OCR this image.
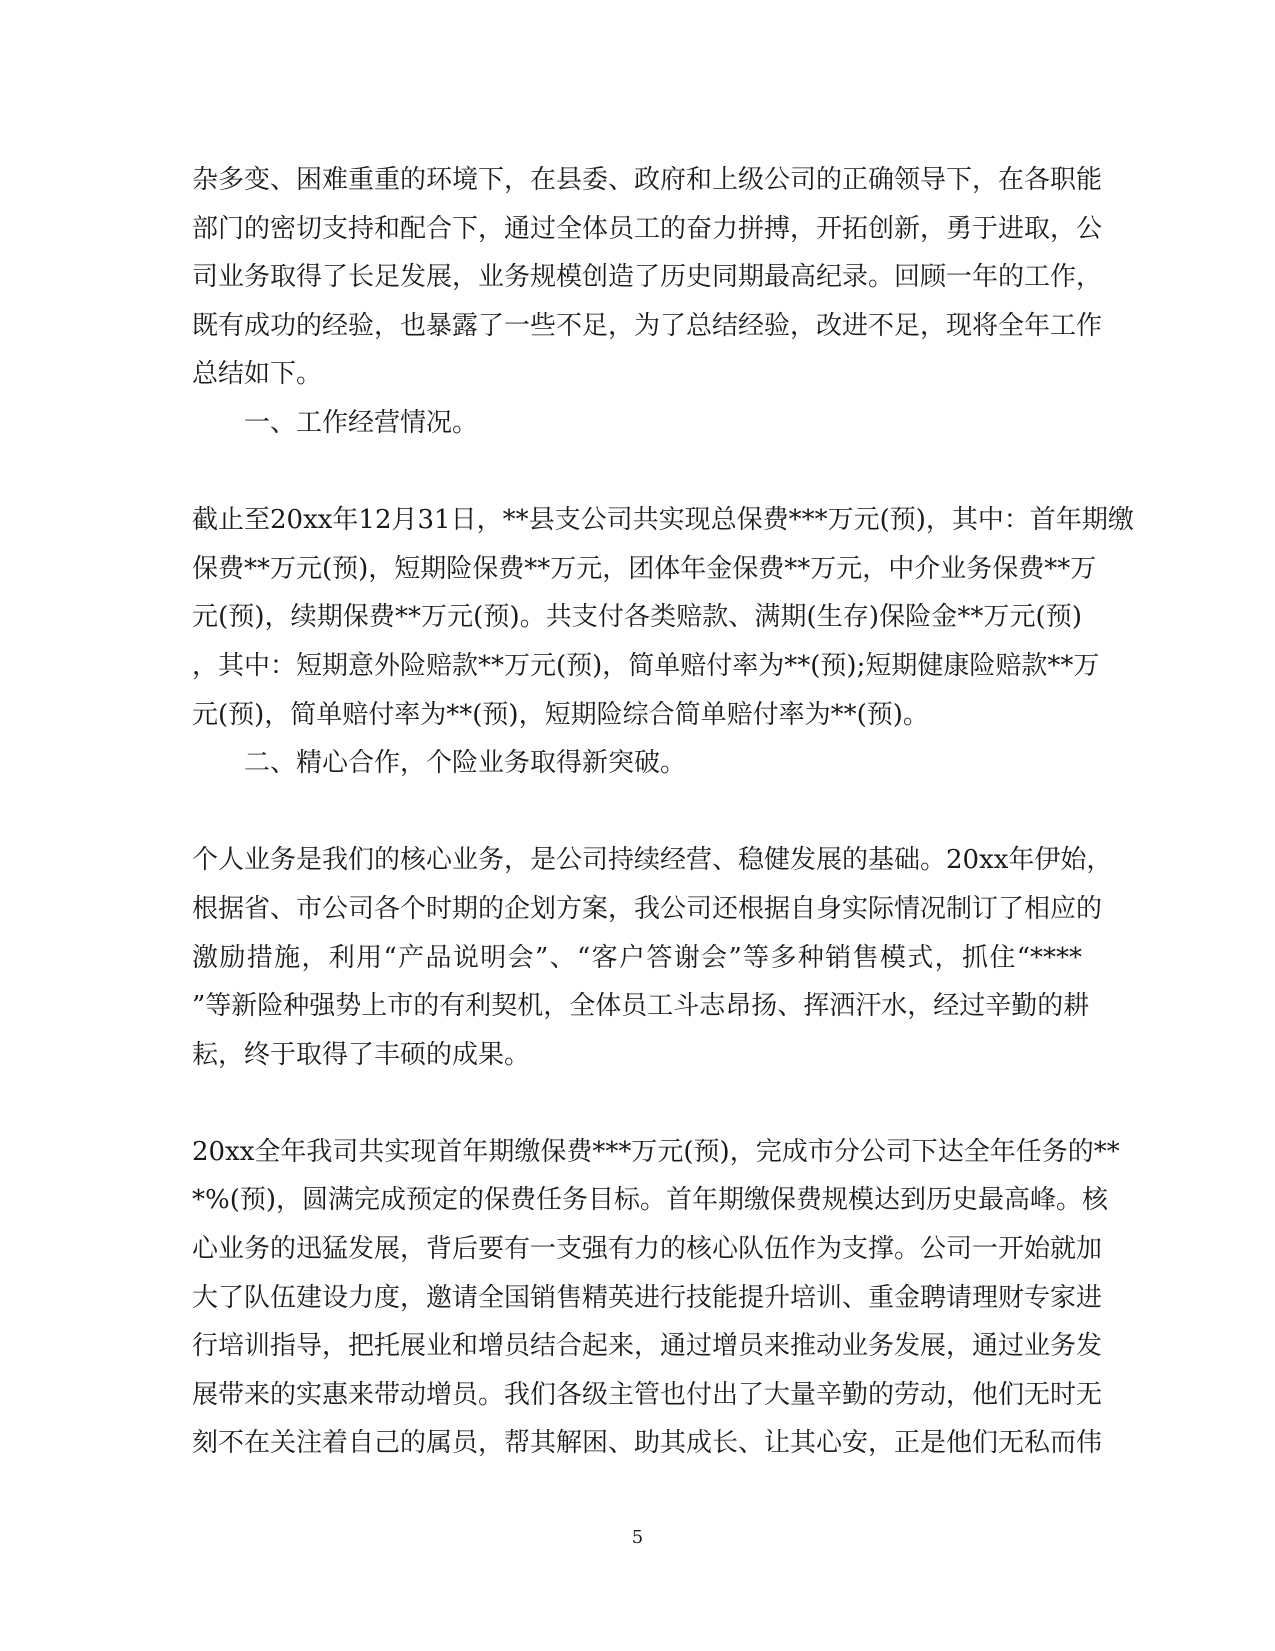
杂多变、困难重重的环境下，在县委、政府和上级公司的正确领导下，在各职能
部门的密切支持和配合下，通过全体员工的奋力拼搏，开拓创新，勇于进取，公
司业务取得了长足发展，业务规模创造了历史同期最高纪录。回顾一年的工作，
既有成功的经验，也暴露了一些不足，为了总结经验，改进不足，现将全年工作
总结如下。
一、工作经营情况。
截止至20xx年12月31日，**县支公司共实现总保费***万元(预)，其中：首年期缴
保费**万元(预)，短期险保费**万元，团体年金保费**万元，中介业务保费**万
元(预)，续期保费**万元(预)。共支付各类赔款、满期(生存)保险金**万元(预)
，其中：短期意外险赔款**万元(预)，简单赔付率为**(预);短期健康险赔款**万
元(预)，简单赔付率为**(预)，短期险综合简单赔付率为**(预)。
二、精心合作，个险业务取得新突破。
个人业务是我们的核心业务，是公司持续经营、稳健发展的基础。20xx年伊始，
根据省、市公司各个时期的企划方案，我公司还根据自身实际情况制订了相应的
激励措施，利用“产品说明会”、“客户答谢会”等多种销售模式，抓住“****
”等新险种强势上市的有利契机，全体员工斗志昂扬、挥洒汗水，经过辛勤的耕
耘，终于取得了丰硕的成果。
20xx全年我司共实现首年期缴保费***万元(预)，完成市分公司下达全年任务的**
*%(预)，圆满完成预定的保费任务目标。首年期缴保费规模达到历史最高峰。核
心业务的迅猛发展，背后要有一支强有力的核心队伍作为支撑。公司一开始就加
大了队伍建设力度，邀请全国销售精英进行技能提升培训、重金聘请理财专家进
行培训指导，把托展业和增员结合起来，通过增员来推动业务发展，通过业务发
展带来的实惠来带动增员。我们各级主管也付出了大量辛勤的劳动，他们无时无
刻不在关注着自己的属员，帮其解困、助其成长、让其心安，正是他们无私而伟
5
